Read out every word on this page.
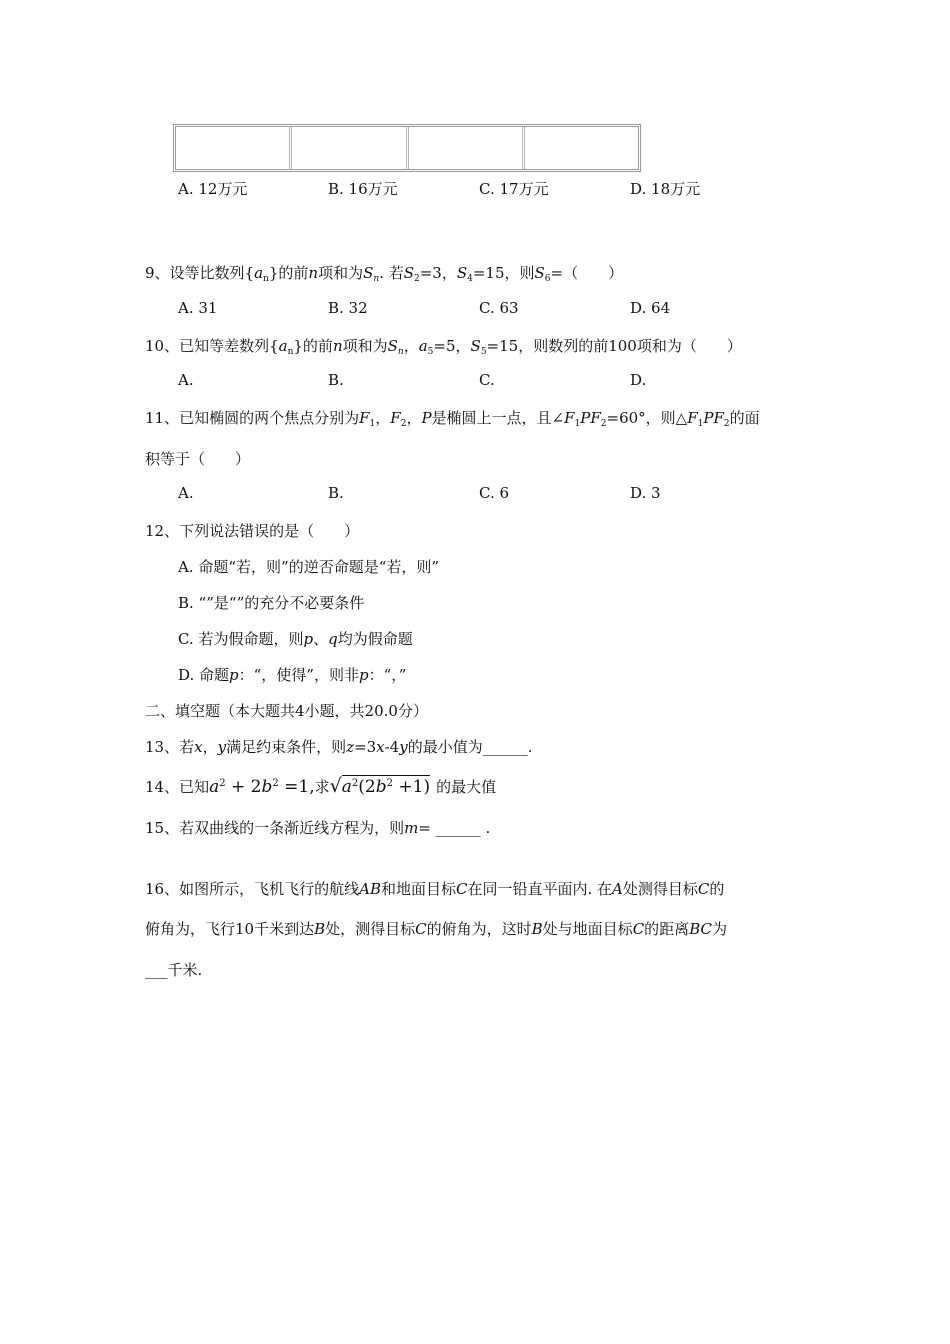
A. 12万元	B. 16万元	C. 17万元	D. 18万元
9、设等比数列$\{a_n\}$的前n项和为$S_n$. 若$S_2=3$，$S_4=15$，则$S_6=$（　　）
A. 31	B. 32	C. 63	D. 64
10、已知等差数列$\{a_n\}$的前n项和为$S_n$，$a_5=5$，$S_5=15$，则数列的前100项和为（　　）
A.	B.	C.	D.
11、已知椭圆的两个焦点分别为$F_1$，$F_2$，P是椭圆上一点，且$\angle F_1PF_2=60^\circ$，则$\triangle F_1PF_2$的面
积等于（　　）
A.	B.	C. 6	D. 3
12、下列说法错误的是（　　）
A. 命题“若，则”的逆否命题是“若，则”
B. “”是“”的充分不必要条件
C. 若为假命题，则p、q均为假命题
D. 命题p：“，使得”，则非p：“，”
二、填空题（本大题共4小题，共20.0分）
13、若x，y满足约束条件，则z=3x-4y的最小值为______.
14、已知$a^2 + 2b^2 =1$,求$√a^2(2b^2 +1)$ 的最大值
15、若双曲线的一条渐近线方程为，则m= ______ .
16、如图所示，飞机飞行的航线AB和地面目标C在同一铅直平面内. 在A处测得目标C的
俯角为，飞行10千米到达B处，测得目标C的俯角为，这时B处与地面目标C的距离BC为
___千米.
